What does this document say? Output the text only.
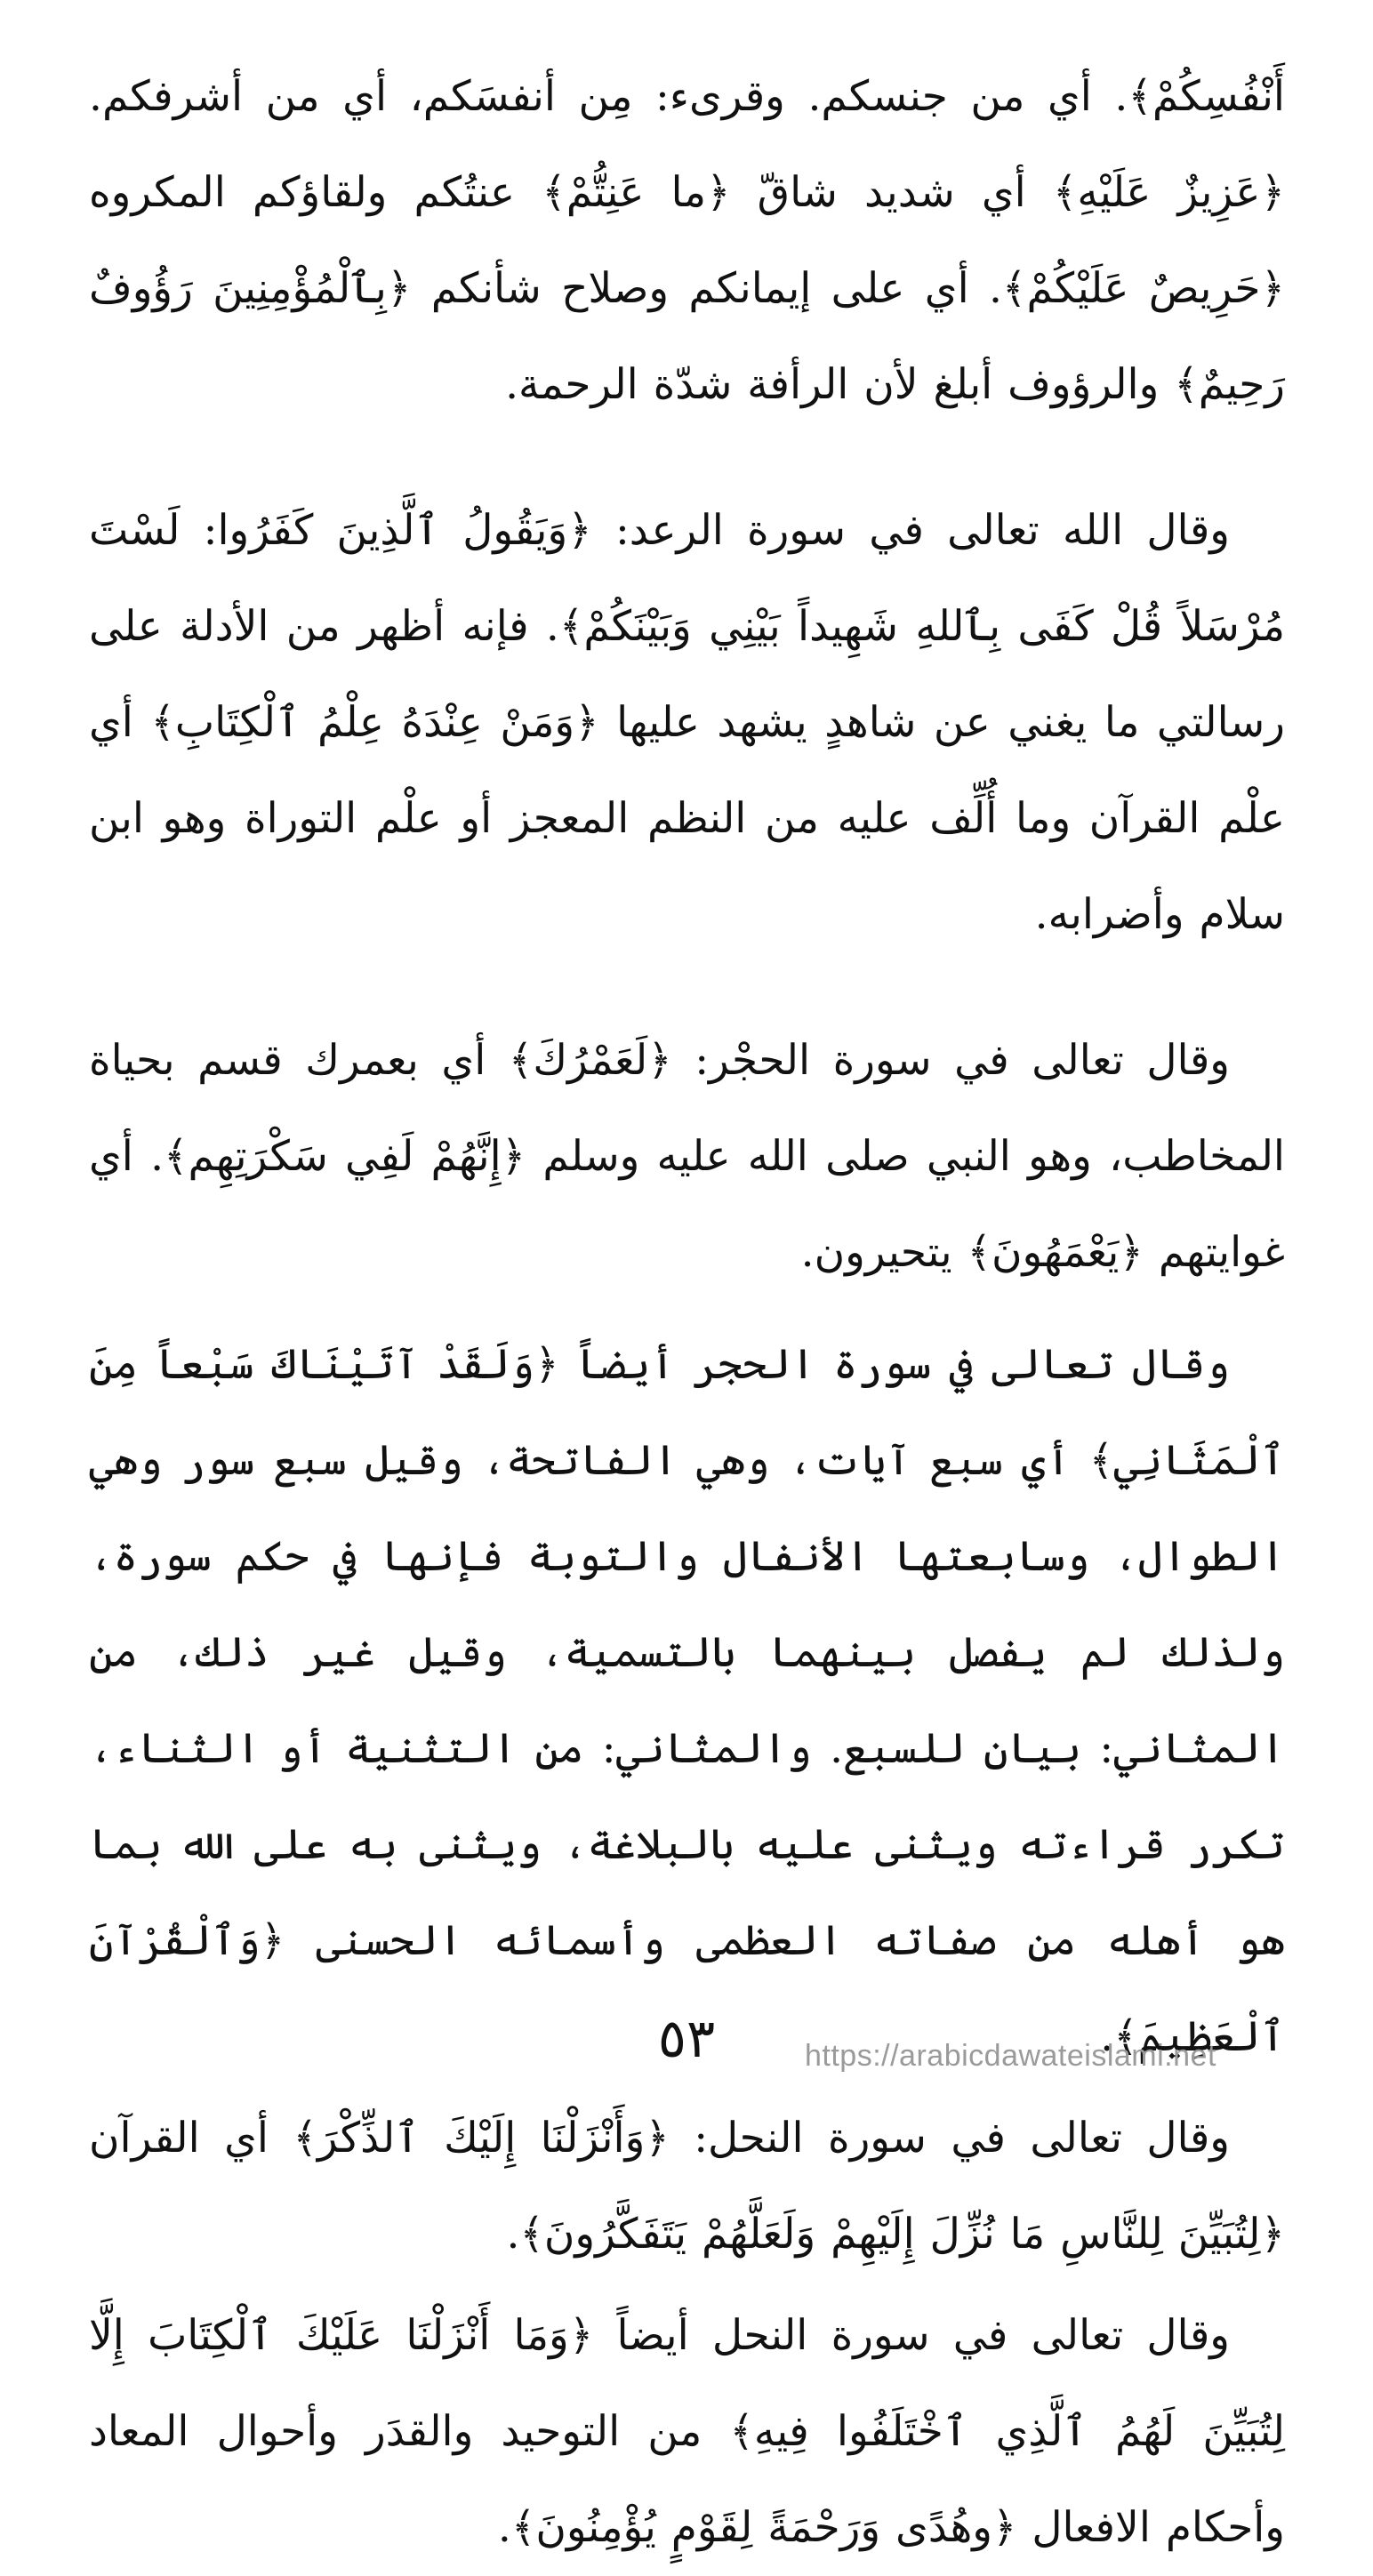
أَنْفُسِكُمْ﴾. أي من جنسكم. وقرىء: مِن أنفسَكم، أي من أشرفكم. ﴿عَزِيزٌ عَلَيْهِ﴾ أي شديد شاقّ ﴿ما عَنِتُّمْ﴾ عنتُكم ولقاؤكم المكروه ﴿حَرِيصٌ عَلَيْكُمْ﴾. أي على إيمانكم وصلاح شأنكم ﴿بِٱلْمُؤْمِنِينَ رَؤُوفٌ رَحِيمٌ﴾ والرؤوف أبلغ لأن الرأفة شدّة الرحمة.

وقال الله تعالى في سورة الرعد: ﴿وَيَقُولُ ٱلَّذِينَ كَفَرُوا: لَسْتَ مُرْسَلاً قُلْ كَفَى بِٱللهِ شَهِيداً بَيْنِي وَبَيْنَكُمْ﴾. فإنه أظهر من الأدلة على رسالتي ما يغني عن شاهدٍ يشهد عليها ﴿وَمَنْ عِنْدَهُ عِلْمُ ٱلْكِتَابِ﴾ أي علْم القرآن وما أُلِّف عليه من النظم المعجز أو علْم التوراة وهو ابن سلام وأضرابه.

وقال تعالى في سورة الحجْر: ﴿لَعَمْرُكَ﴾ أي بعمرك قسم بحياة المخاطب، وهو النبي صلى الله عليه وسلم ﴿إِنَّهُمْ لَفِي سَكْرَتِهِم﴾. أي غوايتهم ﴿يَعْمَهُونَ﴾ يتحيرون.

وقال تعالى في سورة الحجر أيضاً ﴿وَلَقَدْ آتَيْنَاكَ سَبْعاً مِنَ ٱلْمَثَانِي﴾ أي سبع آيات، وهي الفاتحة، وقيل سبع سور وهي الطوال، وسابعتها الأنفال والتوبة فإنها في حكم سورة، ولذلك لم يفصل بينهما بالتسمية، وقيل غير ذلك، من المثاني: بيان للسبع. والمثاني: من التثنية أو الثناء، تكرر قراءته ويثنى عليه بالبلاغة، ويثنى به على الله بما هو أهله من صفاته العظمى وأسمائه الحسنى ﴿وَٱلْقُرْآنَ ٱلْعَظِيمَ﴾.

وقال تعالى في سورة النحل: ﴿وَأَنْزَلْنَا إِلَيْكَ ٱلذِّكْرَ﴾ أي القرآن ﴿لِتُبَيِّنَ لِلنَّاسِ مَا نُزِّلَ إِلَيْهِمْ وَلَعَلَّهُمْ يَتَفَكَّرُونَ﴾.

وقال تعالى في سورة النحل أيضاً ﴿وَمَا أَنْزَلْنَا عَلَيْكَ ٱلْكِتَابَ إِلَّا لِتُبَيِّنَ لَهُمُ ٱلَّذِي ٱخْتَلَفُوا فِيهِ﴾ من التوحيد والقدَر وأحوال المعاد وأحكام الافعال ﴿وهُدًى وَرَحْمَةً لِقَوْمٍ يُؤْمِنُونَ﴾.

٥٣	https://arabicdawateislami.net
